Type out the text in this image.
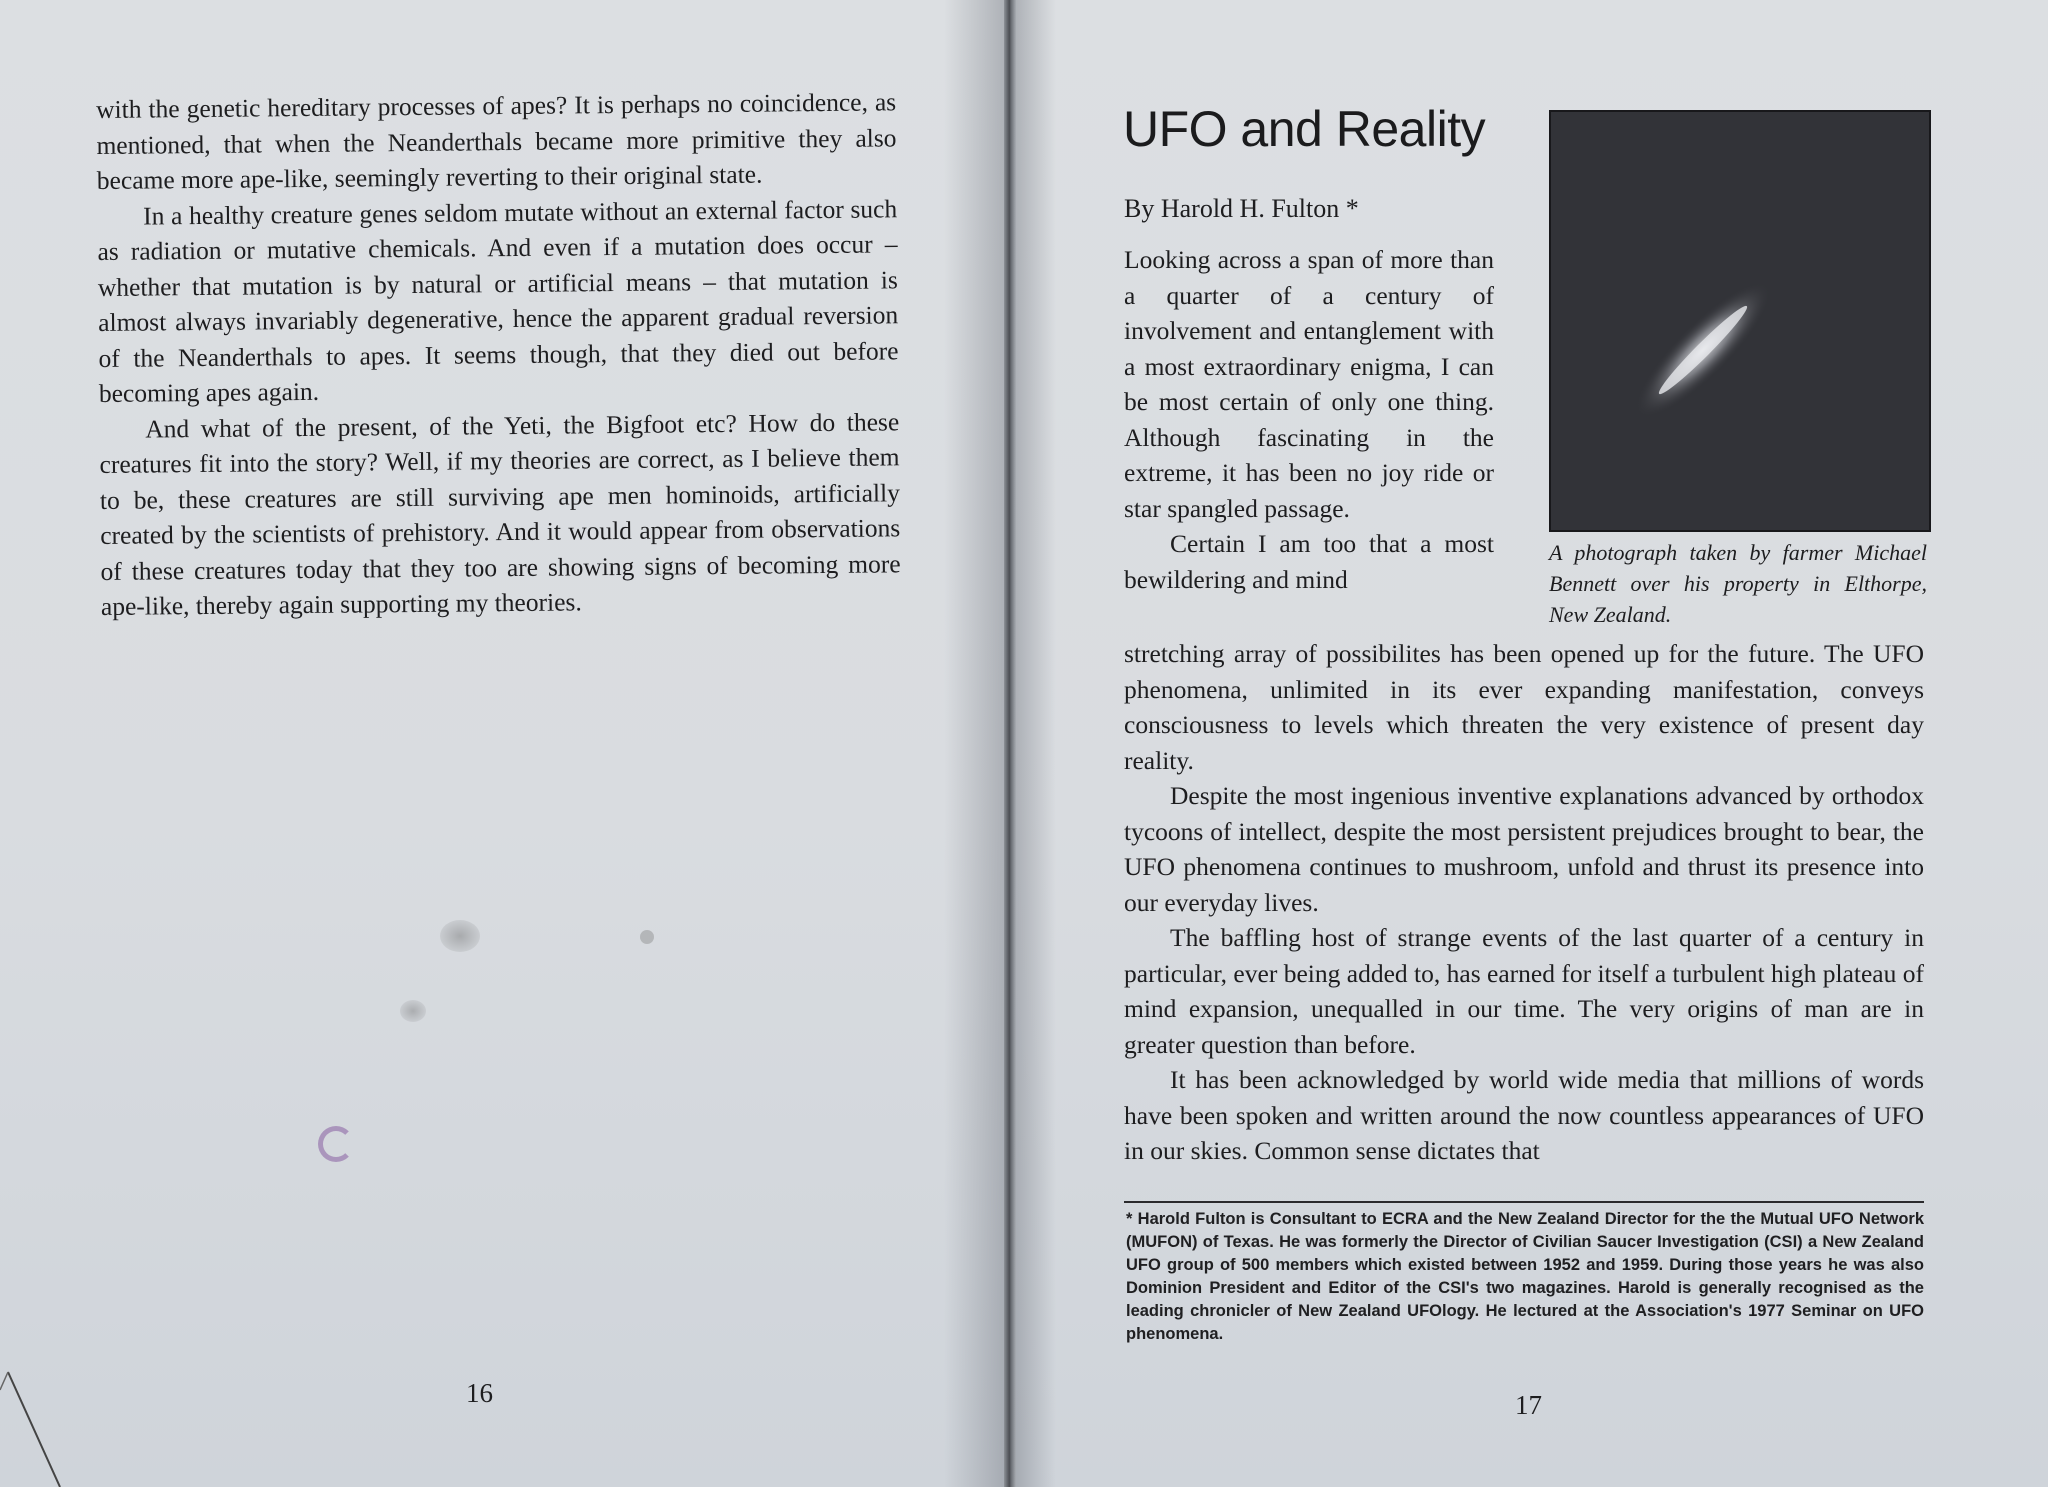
with the genetic hereditary processes of apes? It is perhaps no coincidence, as mentioned, that when the Neanderthals became more primitive they also became more ape-like, seemingly reverting to their original state.

In a healthy creature genes seldom mutate without an external factor such as radiation or mutative chemicals. And even if a mutation does occur – whether that mutation is by natural or artificial means – that mutation is almost always invariably degenerative, hence the apparent gradual reversion of the Neanderthals to apes. It seems though, that they died out before becoming apes again.

And what of the present, of the Yeti, the Bigfoot etc? How do these creatures fit into the story? Well, if my theories are correct, as I believe them to be, these creatures are still surviving ape men hominoids, artificially created by the scientists of prehistory. And it would appear from observations of these creatures today that they too are showing signs of becoming more ape-like, thereby again supporting my theories.

16
UFO and Reality
By Harold H. Fulton *

Looking across a span of more than a quarter of a century of involvement and entanglement with a most extraordinary enigma, I can be most certain of only one thing. Although fascinating in the extreme, it has been no joy ride or star spangled passage.

Certain I am too that a most bewildering and mind

A photograph taken by farmer Michael Bennett over his property in Elthorpe, New Zealand.

stretching array of possibilites has been opened up for the future. The UFO phenomena, unlimited in its ever expanding manifestation, conveys consciousness to levels which threaten the very existence of present day reality.

Despite the most ingenious inventive explanations advanced by orthodox tycoons of intellect, despite the most persistent prejudices brought to bear, the UFO phenomena continues to mushroom, unfold and thrust its presence into our everyday lives.

The baffling host of strange events of the last quarter of a century in particular, ever being added to, has earned for itself a turbulent high plateau of mind expansion, unequalled in our time. The very origins of man are in greater question than before.

It has been acknowledged by world wide media that millions of words have been spoken and written around the now countless appearances of UFO in our skies. Common sense dictates that

* Harold Fulton is Consultant to ECRA and the New Zealand Director for the the Mutual UFO Network (MUFON) of Texas. He was formerly the Director of Civilian Saucer Investigation (CSI) a New Zealand UFO group of 500 members which existed between 1952 and 1959. During those years he was also Dominion President and Editor of the CSI's two magazines. Harold is generally recognised as the leading chronicler of New Zealand UFOlogy. He lectured at the Association's 1977 Seminar on UFO phenomena.
17
